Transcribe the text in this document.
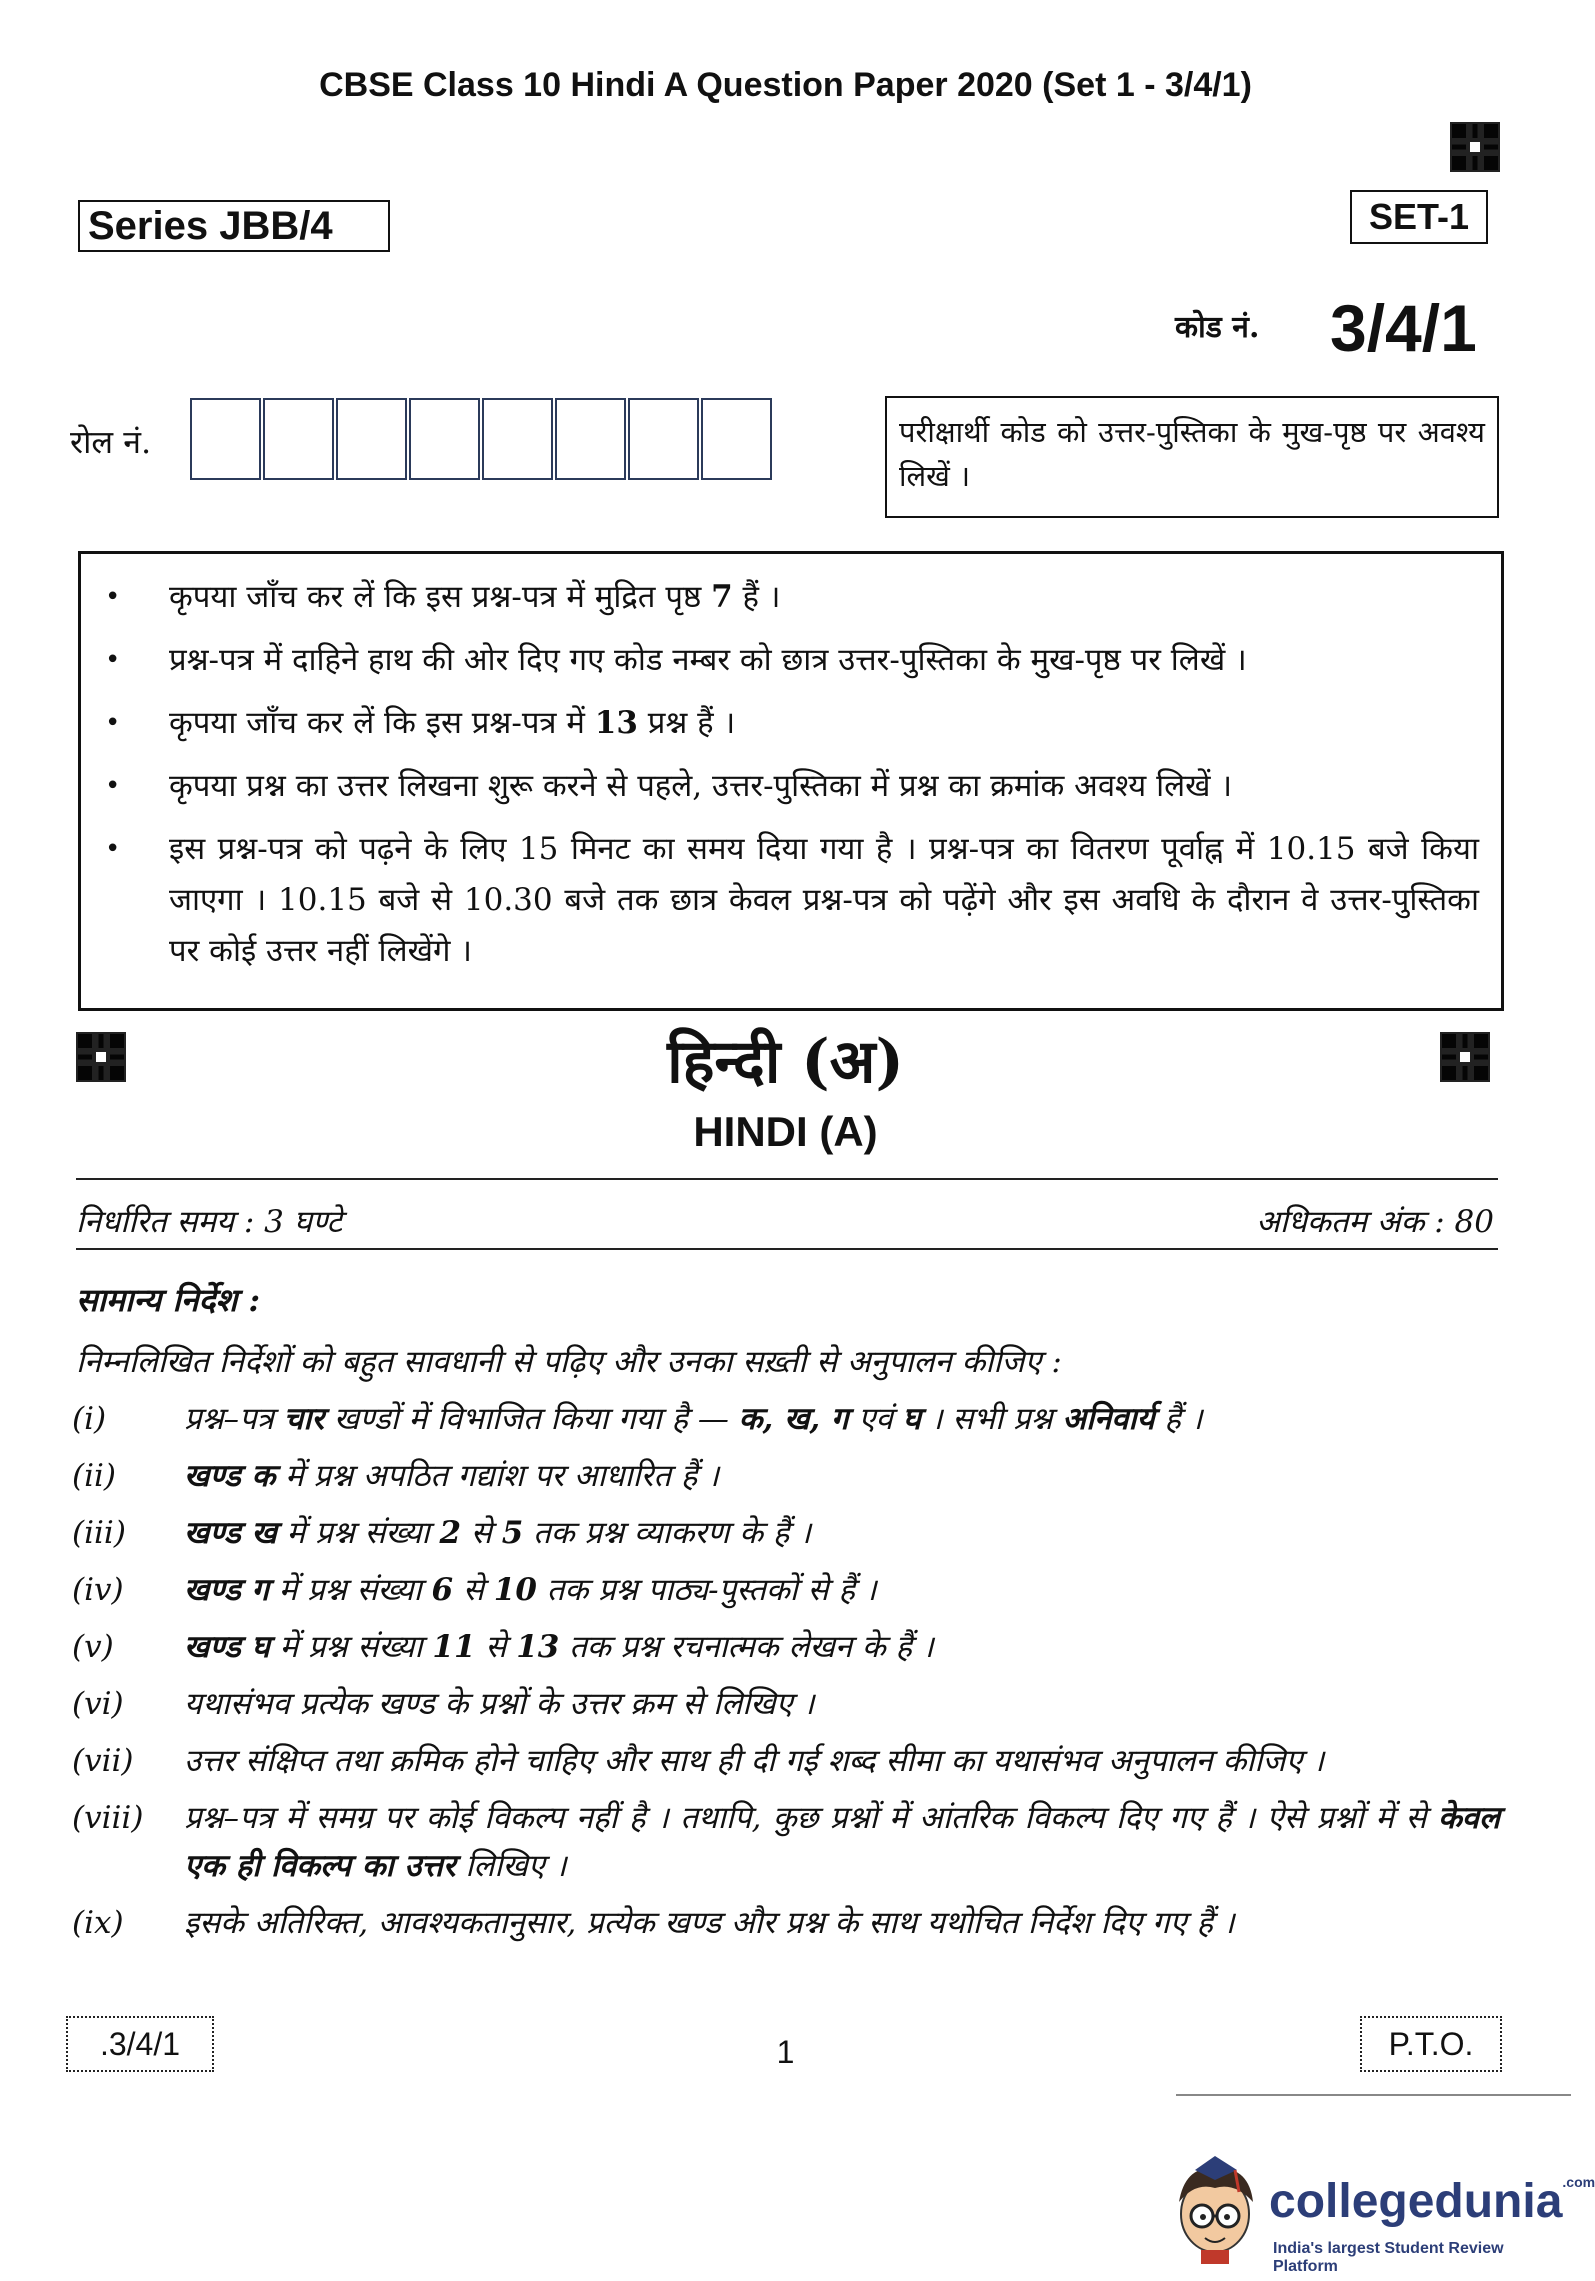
CBSE Class 10 Hindi A Question Paper 2020 (Set 1 - 3/4/1)
Series JBB/4	SET-1
कोड नं. 3/4/1
रोल नं.	परीक्षार्थी कोड को उत्तर-पुस्तिका के मुख-पृष्ठ पर अवश्य लिखें ।
• कृपया जाँच कर लें कि इस प्रश्न-पत्र में मुद्रित पृष्ठ 7 हैं ।
• प्रश्न-पत्र में दाहिने हाथ की ओर दिए गए कोड नम्बर को छात्र उत्तर-पुस्तिका के मुख-पृष्ठ पर लिखें ।
• कृपया जाँच कर लें कि इस प्रश्न-पत्र में 13 प्रश्न हैं ।
• कृपया प्रश्न का उत्तर लिखना शुरू करने से पहले, उत्तर-पुस्तिका में प्रश्न का क्रमांक अवश्य लिखें ।
• इस प्रश्न-पत्र को पढ़ने के लिए 15 मिनट का समय दिया गया है । प्रश्न-पत्र का वितरण पूर्वाह्न में 10.15 बजे किया जाएगा । 10.15 बजे से 10.30 बजे तक छात्र केवल प्रश्न-पत्र को पढ़ेंगे और इस अवधि के दौरान वे उत्तर-पुस्तिका पर कोई उत्तर नहीं लिखेंगे ।
हिन्दी (अ)
HINDI (A)
निर्धारित समय : 3 घण्टे	अधिकतम अंक : 80
सामान्य निर्देश :
निम्नलिखित निर्देशों को बहुत सावधानी से पढ़िए और उनका सख़्ती से अनुपालन कीजिए :
(i)	प्रश्न–पत्र चार खण्डों में विभाजित किया गया है — क, ख, ग एवं घ । सभी प्रश्न अनिवार्य हैं ।
(ii)	खण्ड क में प्रश्न अपठित गद्यांश पर आधारित हैं ।
(iii)	खण्ड ख में प्रश्न संख्या 2 से 5 तक प्रश्न व्याकरण के हैं ।
(iv)	खण्ड ग में प्रश्न संख्या 6 से 10 तक प्रश्न पाठ्य-पुस्तकों से हैं ।
(v)	खण्ड घ में प्रश्न संख्या 11 से 13 तक प्रश्न रचनात्मक लेखन के हैं ।
(vi)	यथासंभव प्रत्येक खण्ड के प्रश्नों के उत्तर क्रम से लिखिए ।
(vii)	उत्तर संक्षिप्त तथा क्रमिक होने चाहिए और साथ ही दी गई शब्द सीमा का यथासंभव अनुपालन कीजिए ।
(viii)	प्रश्न–पत्र में समग्र पर कोई विकल्प नहीं है । तथापि, कुछ प्रश्नों में आंतरिक विकल्प दिए गए हैं । ऐसे प्रश्नों में से केवल एक ही विकल्प का उत्तर लिखिए ।
(ix)	इसके अतिरिक्त, आवश्यकतानुसार, प्रत्येक खण्ड और प्रश्न के साथ यथोचित निर्देश दिए गए हैं ।
.3/4/1	1	P.T.O.
collegedunia$^{.com}$
India's largest Student Review Platform
